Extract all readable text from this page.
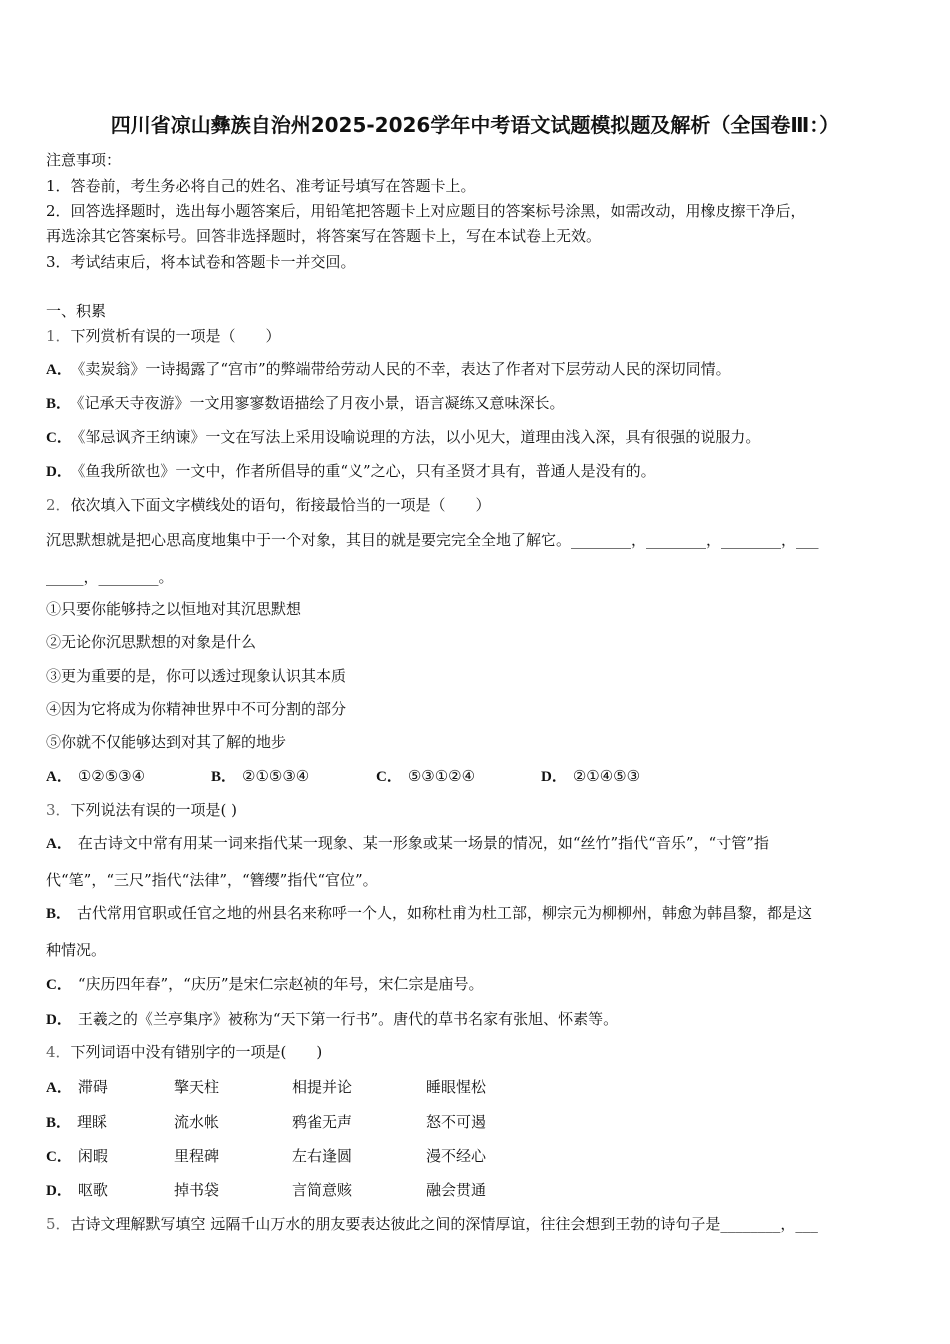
四川省凉山彝族自治州2025-2026学年中考语文试题模拟题及解析（全国卷Ⅲ：）
注意事项：
1．答卷前，考生务必将自己的姓名、准考证号填写在答题卡上。
2．回答选择题时，选出每小题答案后，用铅笔把答题卡上对应题目的答案标号涂黑，如需改动，用橡皮擦干净后，
再选涂其它答案标号。回答非选择题时，将答案写在答题卡上，写在本试卷上无效。
3．考试结束后，将本试卷和答题卡一并交回。
一、积累
1．下列赏析有误的一项是（　　）
A． 《卖炭翁》一诗揭露了“宫市”的弊端带给劳动人民的不幸，表达了作者对下层劳动人民的深切同情。
B． 《记承天寺夜游》一文用寥寥数语描绘了月夜小景，语言凝练又意味深长。
C． 《邹忌讽齐王纳谏》一文在写法上采用设喻说理的方法，以小见大，道理由浅入深，具有很强的说服力。
D． 《鱼我所欲也》一文中，作者所倡导的重“义”之心，只有圣贤才具有，普通人是没有的。
2．依次填入下面文字横线处的语句，衔接最恰当的一项是（　　）
沉思默想就是把心思高度地集中于一个对象，其目的就是要完完全全地了解它。________，________，________，___
_____，________。
①只要你能够持之以恒地对其沉思默想
②无论你沉思默想的对象是什么
③更为重要的是，你可以透过现象认识其本质
④因为它将成为你精神世界中不可分割的部分
⑤你就不仅能够达到对其了解的地步
A． ①②⑤③④	B． ②①⑤③④	C． ⑤③①②④	D． ②①④⑤③
3．下列说法有误的一项是( )
A． 在古诗文中常有用某一词来指代某一现象、某一形象或某一场景的情况，如“丝竹”指代“音乐”，“寸管”指
代“笔”，“三尺”指代“法律”，“簪缨”指代“官位”。
B． 古代常用官职或任官之地的州县名来称呼一个人，如称杜甫为杜工部，柳宗元为柳柳州，韩愈为韩昌黎，都是这
种情况。
C． “庆历四年春”，“庆历”是宋仁宗赵祯的年号，宋仁宗是庙号。
D． 王羲之的《兰亭集序》被称为“天下第一行书”。唐代的草书名家有张旭、怀素等。
4．下列词语中没有错别字的一项是(　　)
A． 滞碍	擎天柱	相提并论	睡眼惺松
B． 理睬	流水帐	鸦雀无声	怒不可遏
C． 闲暇	里程碑	左右逢圆	漫不经心
D． 呕歌	掉书袋	言简意赅	融会贯通
5．古诗文理解默写填空 远隔千山万水的朋友要表达彼此之间的深情厚谊，往往会想到王勃的诗句子是________，___
